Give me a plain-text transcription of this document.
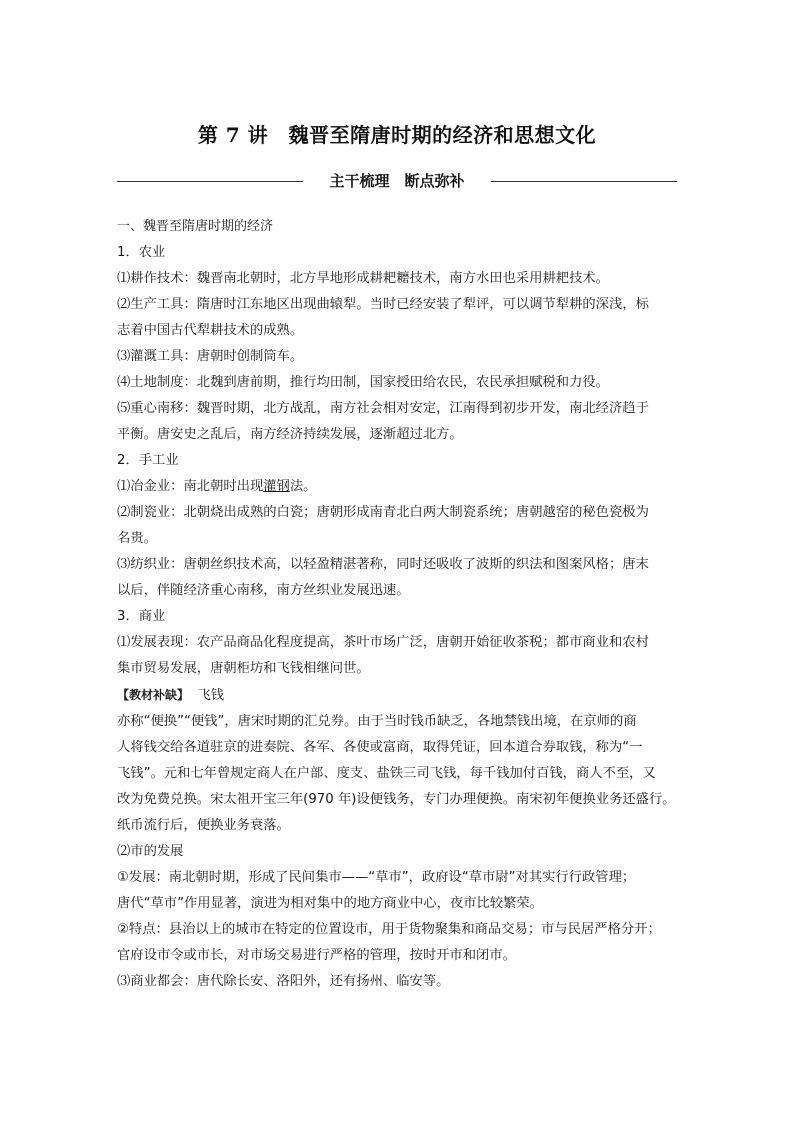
第 7 讲　魏晋至隋唐时期的经济和思想文化
主干梳理　断点弥补

一、魏晋至隋唐时期的经济

1．农业

⑴耕作技术：魏晋南北朝时，北方旱地形成耕耙耱技术，南方水田也采用耕耙技术。

⑵生产工具：隋唐时江东地区出现曲辕犁。当时已经安装了犁评，可以调节犁耕的深浅，标

志着中国古代犁耕技术的成熟。

⑶灌溉工具：唐朝时创制筒车。

⑷土地制度：北魏到唐前期，推行均田制，国家授田给农民，农民承担赋税和力役。

⑸重心南移：魏晋时期，北方战乱，南方社会相对安定，江南得到初步开发，南北经济趋于

平衡。唐安史之乱后，南方经济持续发展，逐渐超过北方。

2．手工业

⑴冶金业：南北朝时出现灌钢法。

⑵制瓷业：北朝烧出成熟的白瓷；唐朝形成南青北白两大制瓷系统；唐朝越窑的秘色瓷极为

名贵。

⑶纺织业：唐朝丝织技术高，以轻盈精湛著称，同时还吸收了波斯的织法和图案风格；唐末

以后，伴随经济重心南移，南方丝织业发展迅速。

3．商业

⑴发展表现：农产品商品化程度提高，茶叶市场广泛，唐朝开始征收茶税；都市商业和农村

集市贸易发展，唐朝柜坊和飞钱相继问世。

【教材补缺】 飞钱

亦称“便换”“便钱”，唐宋时期的汇兑券。由于当时钱币缺乏，各地禁钱出境，在京师的商

人将钱交给各道驻京的进奏院、各军、各使或富商，取得凭证，回本道合券取钱，称为“一

飞钱”。元和七年曾规定商人在户部、度支、盐铁三司飞钱，每千钱加付百钱，商人不至，又

改为免费兑换。宋太祖开宝三年(970 年)设便钱务，专门办理便换。南宋初年便换业务还盛行。

纸币流行后，便换业务衰落。

⑵市的发展

①发展：南北朝时期，形成了民间集市——“草市”，政府设“草市尉”对其实行行政管理；

唐代“草市”作用显著，演进为相对集中的地方商业中心，夜市比较繁荣。

②特点：县治以上的城市在特定的位置设市，用于货物聚集和商品交易；市与民居严格分开；

官府设市令或市长，对市场交易进行严格的管理，按时开市和闭市。

⑶商业都会：唐代除长安、洛阳外，还有扬州、临安等。
